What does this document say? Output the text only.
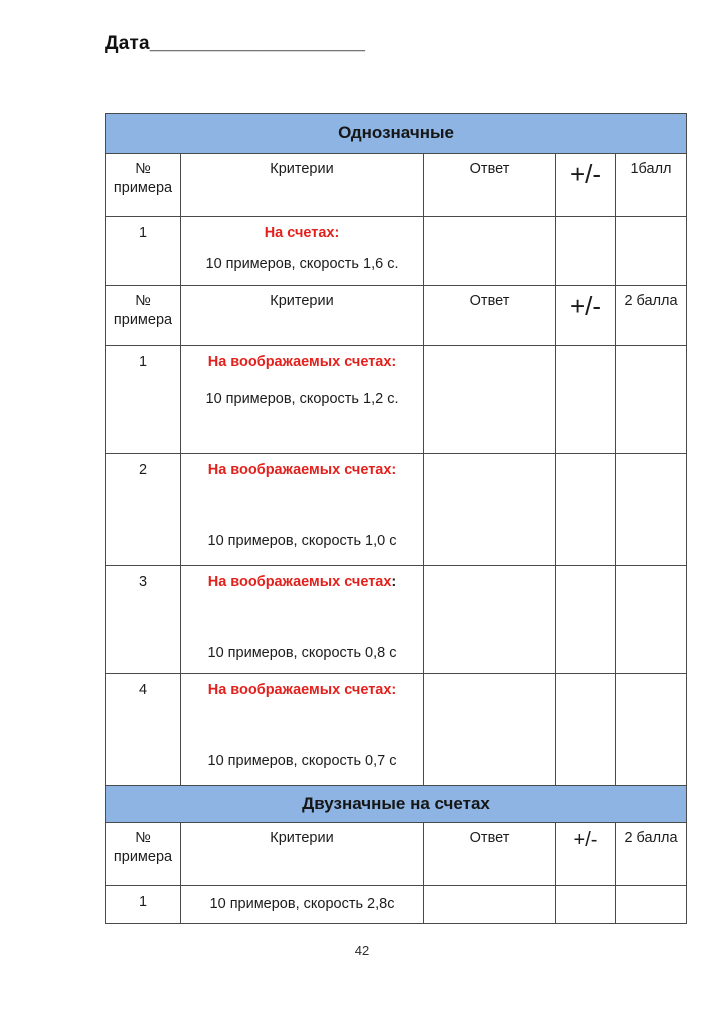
Дата____________________
Однозначные				

№ примера	Критерии	Ответ	+/-	1балл
1	На счетах:
10 примеров, скорость 1,6 с.			

№ примера	Критерии	Ответ	+/-	2 балла
1	На воображаемых счетах:
10 примеров, скорость 1,2 с.			

2	На воображаемых счетах:
10 примеров, скорость 1,0 с			

3	На воображаемых счетах:
10 примеров, скорость 0,8 с			

4	На воображаемых счетах:
10 примеров, скорость 0,7 с			

Двузначные на счетах				

№ примера	Критерии	Ответ	+/-	2 балла
1	10 примеров, скорость 2,8с			
42
